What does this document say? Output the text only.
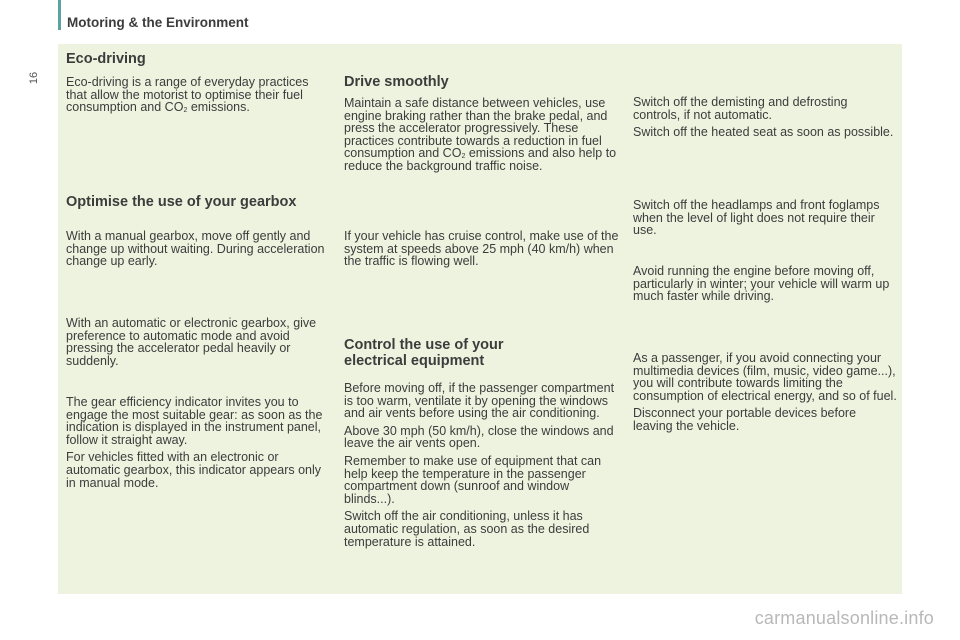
Motoring & the Environment
16
Eco-driving

Eco-driving is a range of everyday practices that allow the motorist to optimise their fuel consumption and $CO_2$ emissions.

Optimise the use of your gearbox

With a manual gearbox, move off gently and change up without waiting. During acceleration change up early.

With an automatic or electronic gearbox, give preference to automatic mode and avoid pressing the accelerator pedal heavily or suddenly.

The gear efficiency indicator invites you to engage the most suitable gear: as soon as the indication is displayed in the instrument panel, follow it straight away.

For vehicles fitted with an electronic or automatic gearbox, this indicator appears only in manual mode.

Drive smoothly

Maintain a safe distance between vehicles, use engine braking rather than the brake pedal, and press the accelerator progressively. These practices contribute towards a reduction in fuel consumption and $CO_2$ emissions and also help to reduce the background traffic noise.

If your vehicle has cruise control, make use of the system at speeds above 25 mph (40 km/h) when the traffic is flowing well.

Control the use of your electrical equipment

Before moving off, if the passenger compartment is too warm, ventilate it by opening the windows and air vents before using the air conditioning.

Above 30 mph (50 km/h), close the windows and leave the air vents open.

Remember to make use of equipment that can help keep the temperature in the passenger compartment down (sunroof and window blinds...).

Switch off the air conditioning, unless it has automatic regulation, as soon as the desired temperature is attained.

Switch off the demisting and defrosting controls, if not automatic.

Switch off the heated seat as soon as possible.

Switch off the headlamps and front foglamps when the level of light does not require their use.

Avoid running the engine before moving off, particularly in winter; your vehicle will warm up much faster while driving.

As a passenger, if you avoid connecting your multimedia devices (film, music, video game...), you will contribute towards limiting the consumption of electrical energy, and so of fuel.

Disconnect your portable devices before leaving the vehicle.

carmanualsonline.info
